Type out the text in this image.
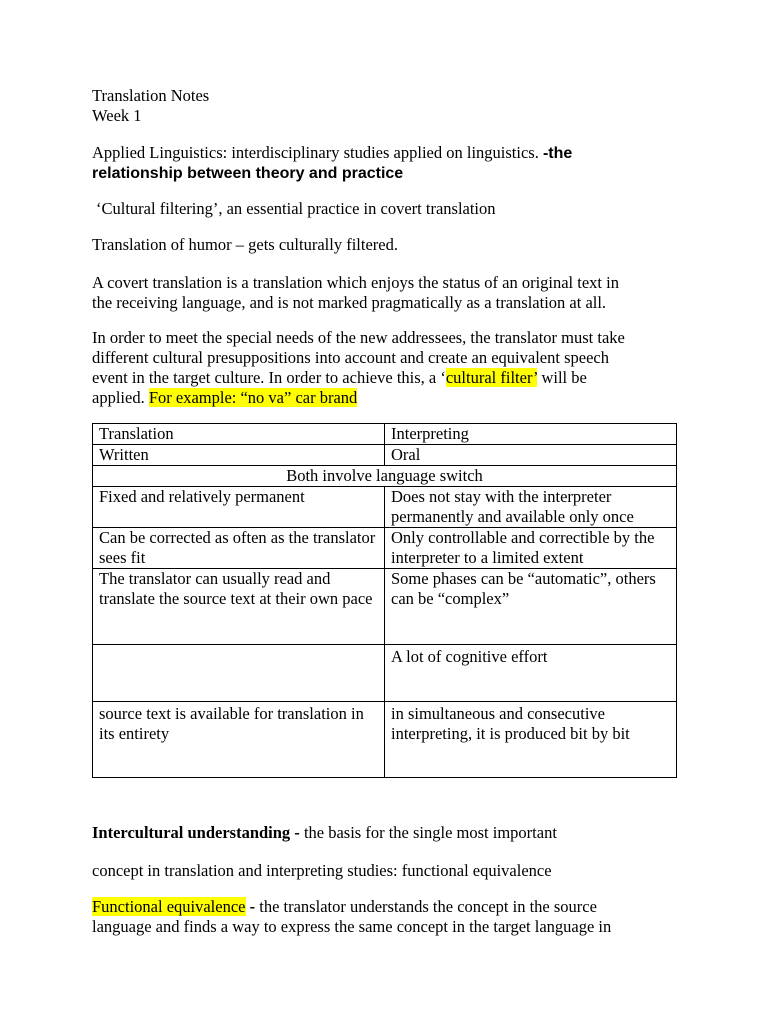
Translation Notes
Week 1
Applied Linguistics: interdisciplinary studies applied on linguistics. -the
relationship between theory and practice
‘Cultural filtering’, an essential practice in covert translation
Translation of humor – gets culturally filtered.
A covert translation is a translation which enjoys the status of an original text in
the receiving language, and is not marked pragmatically as a translation at all.
In order to meet the special needs of the new addressees, the translator must take
different cultural presuppositions into account and create an equivalent speech
event in the target culture. In order to achieve this, a ‘cultural filter’ will be
applied. For example: “no va” car brand
Translation	Interpreting
Written	Oral
Both involve language switch	
Fixed and relatively permanent	Does not stay with the interpreter permanently and available only once
Can be corrected as often as the translator sees fit	Only controllable and correctible by the interpreter to a limited extent
The translator can usually read and translate the source text at their own pace	Some phases can be “automatic”, others can be “complex”
	A lot of cognitive effort
source text is available for translation in its entirety	in simultaneous and consecutive interpreting, it is produced bit by bit
Intercultural understanding - the basis for the single most important
concept in translation and interpreting studies: functional equivalence
Functional equivalence - the translator understands the concept in the source
language and finds a way to express the same concept in the target language in
